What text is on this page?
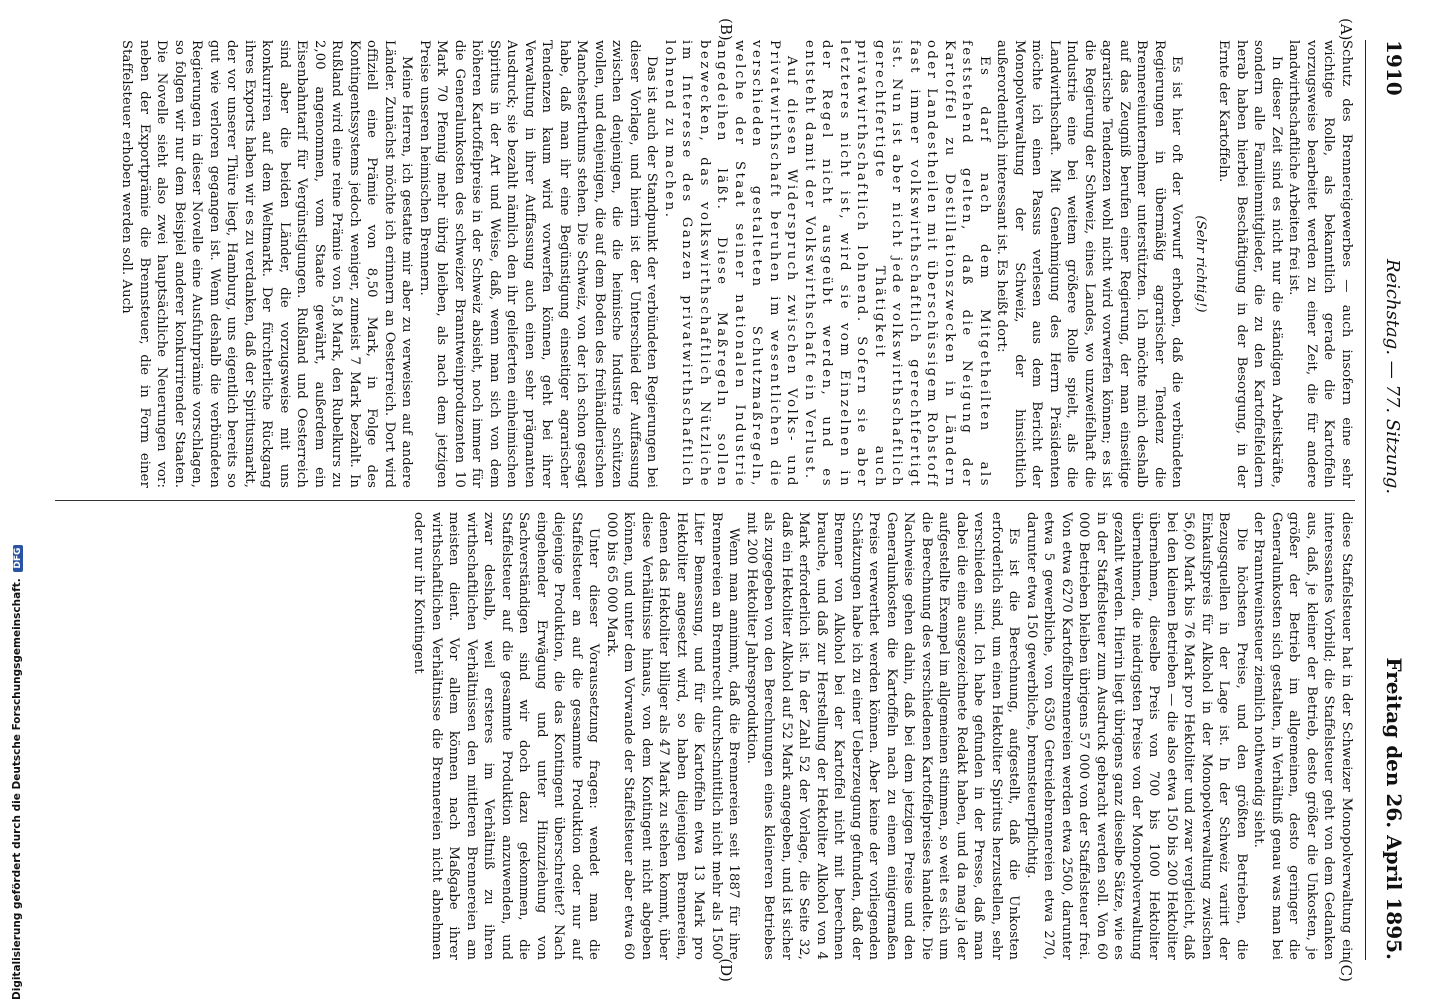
1910
Reichstag. — 77. Sitzung.
Freitag den 26. April 1895.
(A)
(B)
(C)
(D)

Schutz des Brennereigewerbes — auch insofern eine sehr wichtige Rolle, als bekanntlich gerade die Kartoffeln vorzugsweise bearbeitet werden zu einer Zeit, die für andere landwirthschaftliche Arbeiten frei ist.

In dieser Zeit sind es nicht nur die ständigen Arbeitskräfte, sondern alle Familienmitglieder, die zu den Kartoffelfeldern herab haben hierbei Beschäftigung in der Besorgung, in der Ernte der Kartoffeln.

(Sehr richtig!)

Es ist hier oft der Vorwurf erhoben, daß die verbündeten Regierungen in übermäßig agrarischer Tendenz die Brennereiunternehmer unterstützten. Ich möchte mich deshalb auf das Zeugniß berufen einer Regierung, der man einseitige agrarische Tendenzen wohl nicht wird vorwerfen können; es ist die Regierung der Schweiz, eines Landes, wo unzweifelhaft die Industrie eine bei weitem größere Rolle spielt, als die Landwirthschaft. Mit Genehmigung des Herrn Präsidenten möchte ich einen Passus verlesen aus dem Bericht der Monopolverwaltung der Schweiz, der hinsichtlich außerordentlich interessant ist. Es heißt dort:

Es darf nach dem Mitgetheilten als feststehend gelten, daß die Neigung der Kartoffel zu Destillationszwecken in Ländern oder Landestheilen mit überschüssigem Rohstoff fast immer volkswirthschaftlich gerechtfertigt ist. Nun ist aber nicht jede volkswirthschaftlich gerechtfertigte Thätigkeit auch privatwirthschaftlich lohnend. Sofern sie aber letzteres nicht ist, wird sie vom Einzelnen in der Regel nicht ausgeübt werden, und es entsteht damit der Volkswirthschaft ein Verlust.

Auf diesen Widerspruch zwischen Volks- und Privatwirthschaft beruhen im wesentlichen die verschieden gestalteten Schutzmaßregeln, welche der Staat seiner nationalen Industrie angedeihen läßt. Diese Maßregeln sollen bezwecken, das volkswirthschaftlich Nützliche im Interesse des Ganzen privatwirthschaftlich lohnend zu machen.

Das ist auch der Standpunkt der verbündeten Regierungen bei dieser Vorlage, und hierin ist der Unterschied der Auffassung zwischen denjenigen, die die heimische Industrie schützen wollen, und denjenigen, die auf dem Boden des freihändlerischen Manchesterthums stehen. Die Schweiz, von der ich schon gesagt habe, daß man ihr eine Begünstigung einseitiger agrarischer Tendenzen kaum wird vorwerfen können, geht bei ihrer Verwaltung in ihrer Auffassung auch einen sehr prägnanten Ausdruck; sie bezahlt nämlich den ihr gelieferten einheimischen Spiritus in der Art und Weise, daß, wenn man sich von dem höheren Kartoffelpreise in der Schweiz absieht, noch immer für die Generalunkosten des schweizer Branntweinproduzenten 10 Mark 70 Pfennig mehr übrig bleiben, als nach dem jetzigen Preise unseren heimischen Brennern.

Meine Herren, ich gestatte mir aber zu verweisen auf andere Länder. Zunächst möchte ich erinnern an Oesterreich. Dort wird offiziell eine Prämie von 8,50 Mark, in Folge des Kontingentssystems jedoch weniger, zumeist 7 Mark bezahlt. In Rußland wird eine reine Prämie von 5,8 Mark, den Rubelkurs zu 2,00 angenommen, vom Staate gewährt, außerdem ein Eisenbahntarif für Vergünstigungen. Rußland und Oesterreich sind aber die beiden Länder, die vorzugsweise mit uns konkurriren auf dem Weltmarkt. Der fürchterliche Rückgang ihres Exports haben wir es zu verdanken, daß der Spiritusmarkt, der vor unserer Thüre liegt, Hamburg, uns eigentlich bereits so gut wie verloren gegangen ist. Wenn deshalb die verbündeten Regierungen in dieser Novelle eine Ausfuhrprämie vorschlagen, so folgen wir nur dem Beispiel anderer konkurrirender Staaten. Die Novelle sieht also zwei hauptsächliche Neuerungen vor: neben der Exportprämie die Brennsteuer, die in Form einer Staffelsteuer erhoben werden soll. Auch

diese Staffelsteuer hat in der Schweizer Monopolverwaltung ein interessantes Vorbild; die Staffelsteuer geht von dem Gedanken aus, daß, je kleiner der Betrieb, desto größer die Unkosten, je größer der Betrieb im allgemeinen, desto geringer die Generalunkosten sich gestalten, in Verhältniß genau was man bei der Branntweinsteuer ziemlich nothwendig sieht.

Die höchsten Preise, und den größten Betrieben, die Bezugsquellen in der Lage ist. In der Schweiz variirt der Einkaufspreis für Alkohol in der Monopolverwaltung zwischen 56,60 Mark bis 76 Mark pro Hektoliter und zwar vergleicht, daß bei den kleinen Betrieben — die also etwa 150 bis 200 Hektoliter übernehmen, dieselbe Preis von 700 bis 1000 Hektoliter übernehmen, die niedrigsten Preise von der Monopolverwaltung gezahlt werden. Hierin liegt übrigens ganz dieselbe Sätze, wie es in der Staffelsteuer zum Ausdruck gebracht werden soll. Von 60 000 Betrieben bleiben übrigens 57 000 von der Staffelsteuer frei. Von etwa 6270 Kartoffelbrennereien werden etwa 2500, darunter etwa 5 gewerbliche, von 6350 Getreidebrennereien etwa 270, darunter etwa 150 gewerbliche, brennsteuerpflichtig.

Es ist die Berechnung, aufgestellt, daß die Unkosten erforderlich sind, um einen Hektoliter Spiritus herzustellen, sehr verschieden sind. Ich habe gefunden in der Presse, daß man dabei die eine ausgezeichnete Redakt haben, und da mag ja der aufgestellte Exempel im allgemeinen stimmen, so weit es sich um die Berechnung des verschiedenen Kartoffelpreises handelte. Die Nachweise gehen dahin, daß bei dem jetzigen Preise und den Generalunkosten die Kartoffeln nach zu einem einigermaßen Preise verwerthet werden können. Aber keine der vorliegenden Schätzungen habe ich zu einer Ueberzeugung gefunden, daß der Brenner von Alkohol bei der Kartoffel nicht mit berechnen brauche, und daß zur Herstellung der Hektoliter Alkohol von 4 Mark erforderlich ist. In der Zahl 52 der Vorlage, die Seite 32, daß ein Hektoliter Alkohol auf 52 Mark angegeben, und ist sicher als zugegeben von den Berechnungen eines kleineren Betriebes mit 200 Hektoliter Jahresproduktion.

Wenn man annimmt, daß die Brennereien seit 1887 für ihre Brennereien an Brennrecht durchschnittlich nicht mehr als 1500 Liter Bemessung, und für die Kartoffeln etwa 13 Mark pro Hektoliter angesetzt wird, so haben diejenigen Brennereien, denen das Hektoliter billiger als 47 Mark zu stehen kommt, über diese Verhältnisse hinaus, von dem Kontingent nicht abgeben können, und unter dem Vorwande der Staffelsteuer aber etwa 60 000 bis 65 000 Mark.

Unter dieser Voraussetzung fragen: wendet man die Staffelsteuer an auf die gesammte Produktion oder nur auf diejenige Produktion, die das Kontingent überschreitet? Nach eingehender Erwägung und unter Hinzuziehung von Sachverständigen sind wir doch dazu gekommen, die Staffelsteuer auf die gesammte Produktion anzuwenden, und zwar deshalb, weil ersteres im Verhältniß zu ihren wirthschaftlichen Verhältnissen den mittleren Brennereien am meisten dient. Vor allem können nach Maßgabe ihrer wirthschaftlichen Verhältnisse die Brennereien nicht abnehmen oder nur ihr Kontingent

Digitalisierung gefördert durch die Deutsche Forschungsgemeinschaft. DFG
